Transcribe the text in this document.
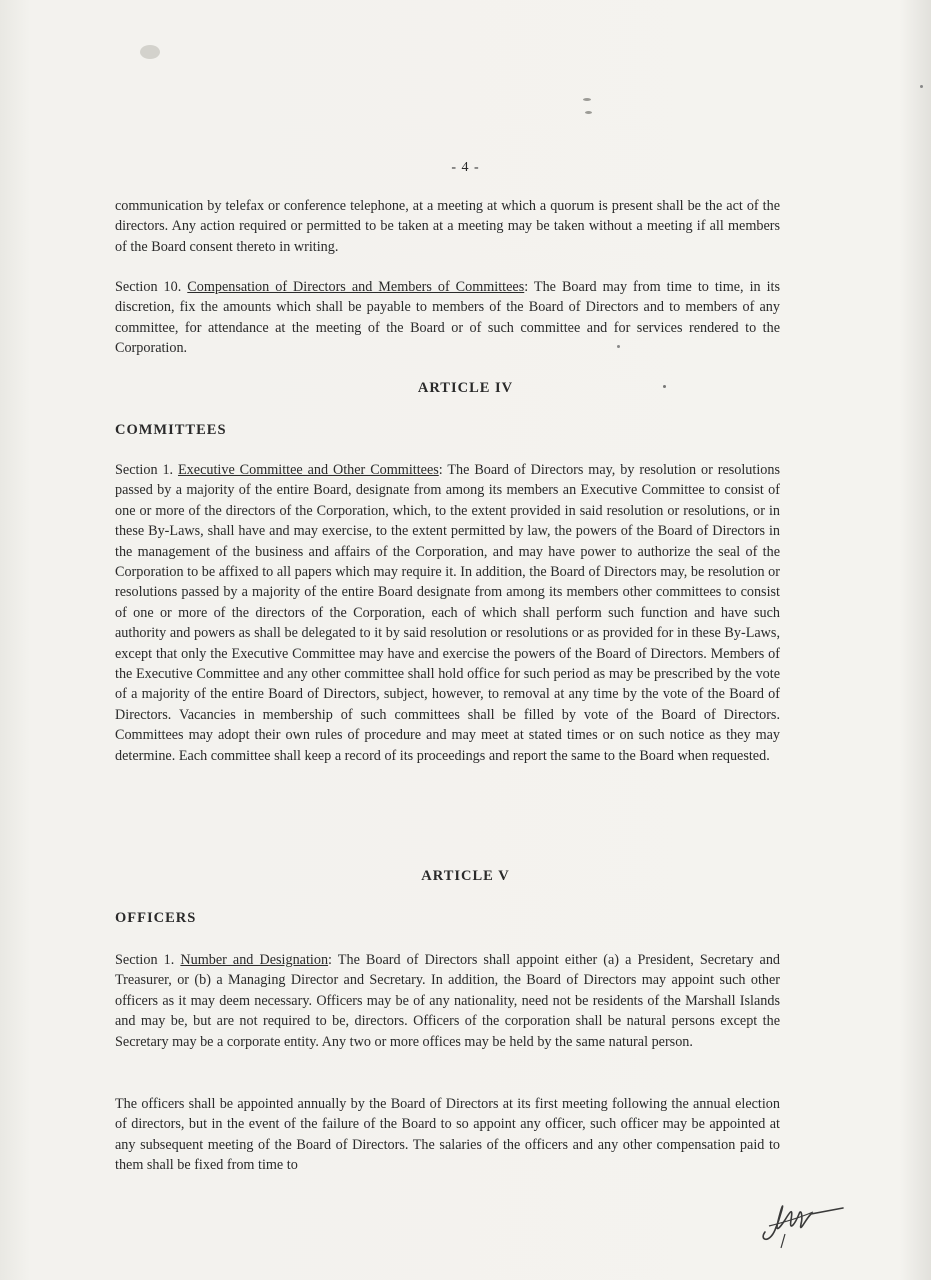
- 4 -

communication by telefax or conference telephone, at a meeting at which a quorum is present shall be the act of the directors. Any action required or permitted to be taken at a meeting may be taken without a meeting if all members of the Board consent thereto in writing.

Section 10. Compensation of Directors and Members of Committees: The Board may from time to time, in its discretion, fix the amounts which shall be payable to members of the Board of Directors and to members of any committee, for attendance at the meeting of the Board or of such committee and for services rendered to the Corporation.

ARTICLE IV
COMMITTEES

Section 1. Executive Committee and Other Committees: The Board of Directors may, by resolution or resolutions passed by a majority of the entire Board, designate from among its members an Executive Committee to consist of one or more of the directors of the Corporation, which, to the extent provided in said resolution or resolutions, or in these By-Laws, shall have and may exercise, to the extent permitted by law, the powers of the Board of Directors in the management of the business and affairs of the Corporation, and may have power to authorize the seal of the Corporation to be affixed to all papers which may require it. In addition, the Board of Directors may, be resolution or resolutions passed by a majority of the entire Board designate from among its members other committees to consist of one or more of the directors of the Corporation, each of which shall perform such function and have such authority and powers as shall be delegated to it by said resolution or resolutions or as provided for in these By-Laws, except that only the Executive Committee may have and exercise the powers of the Board of Directors. Members of the Executive Committee and any other committee shall hold office for such period as may be prescribed by the vote of a majority of the entire Board of Directors, subject, however, to removal at any time by the vote of the Board of Directors. Vacancies in membership of such committees shall be filled by vote of the Board of Directors. Committees may adopt their own rules of procedure and may meet at stated times or on such notice as they may determine. Each committee shall keep a record of its proceedings and report the same to the Board when requested.

ARTICLE V
OFFICERS

Section 1. Number and Designation: The Board of Directors shall appoint either (a) a President, Secretary and Treasurer, or (b) a Managing Director and Secretary. In addition, the Board of Directors may appoint such other officers as it may deem necessary. Officers may be of any nationality, need not be residents of the Marshall Islands and may be, but are not required to be, directors. Officers of the corporation shall be natural persons except the Secretary may be a corporate entity. Any two or more offices may be held by the same natural person.

The officers shall be appointed annually by the Board of Directors at its first meeting following the annual election of directors, but in the event of the failure of the Board to so appoint any officer, such officer may be appointed at any subsequent meeting of the Board of Directors. The salaries of the officers and any other compensation paid to them shall be fixed from time to
